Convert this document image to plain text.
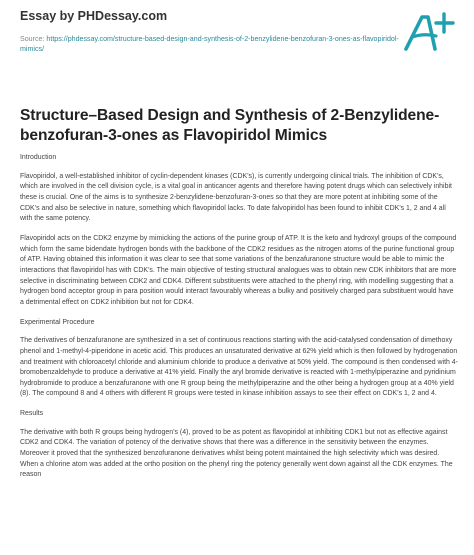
Essay by PHDessay.com
Source: https://phdessay.com/structure-based-design-and-synthesis-of-2-benzylidene-benzofuran-3-ones-as-flavopiridol-mimics/
Structure–Based Design and Synthesis of 2-Benzylidene-benzofuran-3-ones as Flavopiridol Mimics
Introduction

Flavopiridol, a well-established inhibitor of cyclin-dependent kinases (CDK’s), is currently undergoing clinical trials. The inhibition of CDK’s, which are involved in the cell division cycle, is a vital goal in anticancer agents and therefore having potent drugs which can selectively inhibit these is crucial. One of the aims is to synthesize 2-benzylidene-benzofuran-3-ones so that they are more potent at inhibiting some of the CDK’s and also be selective in nature, something which flavopiridol lacks. To date falvopiridol has been found to inhibit CDK’s 1, 2 and 4 all with the same potency.

Flavopiridol acts on the CDK2 enzyme by mimicking the actions of the purine group of ATP. It is the keto and hydroxyl groups of the compound which form the same bidendate hydrogen bonds with the backbone of the CDK2 residues as the nitrogen atoms of the purine functional group of ATP. Having obtained this information it was clear to see that some variations of the benzafuranone structure would be able to mimic the interactions that flavopiridol has with CDK’s. The main objective of testing structural analogues was to obtain new CDK inhibitors that are more selective in discriminating between CDK2 and CDK4. Different substituents were attached to the phenyl ring, with modelling suggesting that a hydrogen bond acceptor group in para position would interact favourably whereas a bulky and positively charged para substituent would have a detrimental effect on CDK2 inhibition but not for CDK4.

Experimental Procedure

The derivatives of benzafuranone are synthesized in a set of continuous reactions starting with the acid-catalysed condensation of dimethoxy phenol and 1-methyl-4-piperidone in acetic acid. This produces an unsaturated derivative at 62% yield which is then followed by hydrogenation and treatment with chloroacetyl chloride and aluminium chloride to produce a derivative at 50% yield. The compound is then condensed with 4-bromobenzaldehyde to produce a derivative at 41% yield. Finally the aryl bromide derivative is reacted with 1-methylpiperazine and pyridinium hydrobromide to produce a benzafuranone with one R group being the methylpiperazine and the other being a hydrogen group at a 40% yield (8). The compound 8 and 4 others with different R groups were tested in kinase inhibition assays to see their effect on CDK’s 1, 2 and 4.

Results

The derivative with both R groups being hydrogen’s (4), proved to be as potent as flavopiridol at inhibiting CDK1 but not as effective against CDK2 and CDK4. The variation of potency of the derivative shows that there was a difference in the sensitivity between the enzymes. Moreover it proved that the synthesized benzofuranone derivatives whilst being potent maintained the high selectivity which was desired. When a chlorine atom was added at the ortho position on the phenyl ring the potency generally went down against all the CDK enzymes. The reason
